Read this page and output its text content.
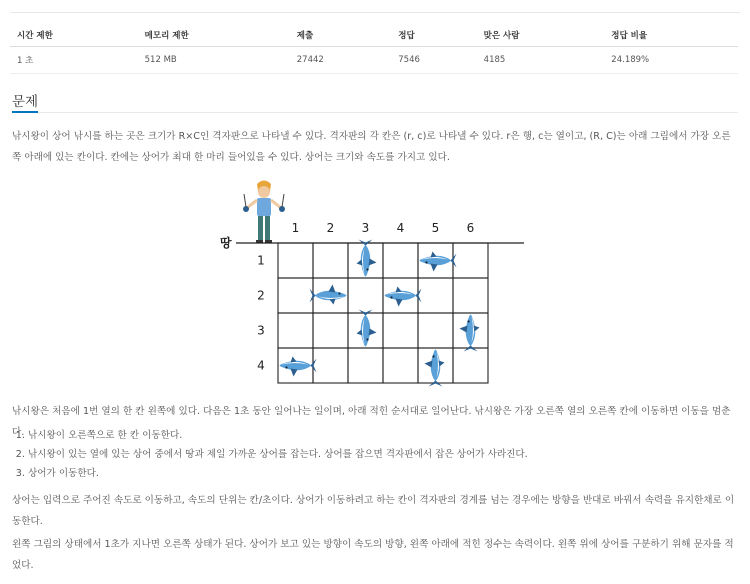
시간 제한	메모리 제한	제출	정답	맞은 사람	정답 비율
1 초	512 MB	27442	7546	4185	24.189%
문제

낚시왕이 상어 낚시를 하는 곳은 크기가 R×C인 격자판으로 나타낼 수 있다. 격자판의 각 칸은 (r, c)로 나타낼 수 있다. r은 행, c는 열이고, (R, C)는 아래 그림에서 가장 오른쪽 아래에 있는 칸이다. 칸에는 상어가 최대 한 마리 들어있을 수 있다. 상어는 크기와 속도를 가지고 있다.

땅
1 2 3 4 5 6
1
2
3
4

낚시왕은 처음에 1번 열의 한 칸 왼쪽에 있다. 다음은 1초 동안 일어나는 일이며, 아래 적힌 순서대로 일어난다. 낚시왕은 가장 오른쪽 열의 오른쪽 칸에 이동하면 이동을 멈춘다. 1. 낚시왕이 오른쪽으로 한 칸 이동한다.
2. 낚시왕이 있는 열에 있는 상어 중에서 땅과 제일 가까운 상어를 잡는다. 상어를 잡으면 격자판에서 잡은 상어가 사라진다.
3. 상어가 이동한다.

상어는 입력으로 주어진 속도로 이동하고, 속도의 단위는 칸/초이다. 상어가 이동하려고 하는 칸이 격자판의 경계를 넘는 경우에는 방향을 반대로 바꿔서 속력을 유지한채로 이동한다.

왼쪽 그림의 상태에서 1초가 지나면 오른쪽 상태가 된다. 상어가 보고 있는 방향이 속도의 방향, 왼쪽 아래에 적힌 정수는 속력이다. 왼쪽 위에 상어를 구분하기 위해 문자를 적었다.
